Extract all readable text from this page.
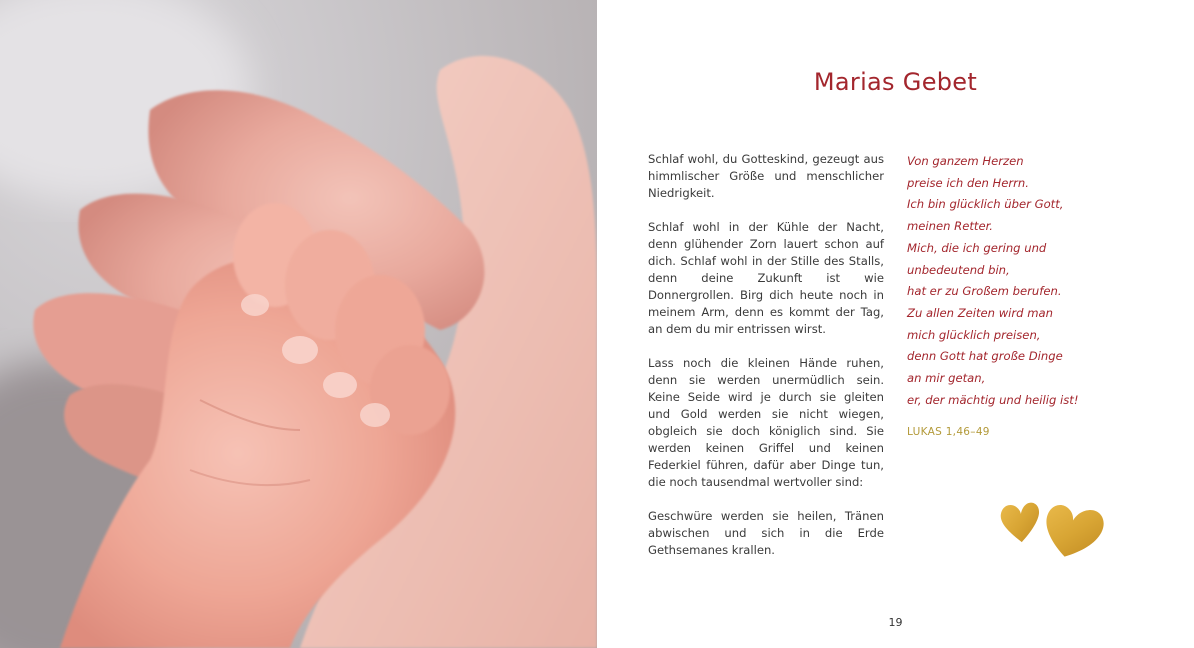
Marias Gebet

Schlaf wohl, du Gotteskind, gezeugt aus himmlischer Größe und menschlicher Niedrigkeit.

Schlaf wohl in der Kühle der Nacht, denn glühender Zorn lauert schon auf dich. Schlaf wohl in der Stille des Stalls, denn deine Zukunft ist wie Donnergrollen. Birg dich heute noch in meinem Arm, denn es kommt der Tag, an dem du mir entrissen wirst.

Lass noch die kleinen Hände ruhen, denn sie werden unermüdlich sein. Keine Seide wird je durch sie gleiten und Gold werden sie nicht wiegen, obgleich sie doch königlich sind. Sie werden keinen Griffel und keinen Federkiel führen, dafür aber Dinge tun, die noch tausendmal wertvoller sind:

Geschwüre werden sie heilen, Tränen abwischen und sich in die Erde Gethsemanes krallen.

Von ganzem Herzen
preise ich den Herrn.
Ich bin glücklich über Gott,
meinen Retter.
Mich, die ich gering und
unbedeutend bin,
hat er zu Großem berufen.
Zu allen Zeiten wird man
mich glücklich preisen,
denn Gott hat große Dinge
an mir getan,
er, der mächtig und heilig ist!
LUKAS 1,46–49
19
